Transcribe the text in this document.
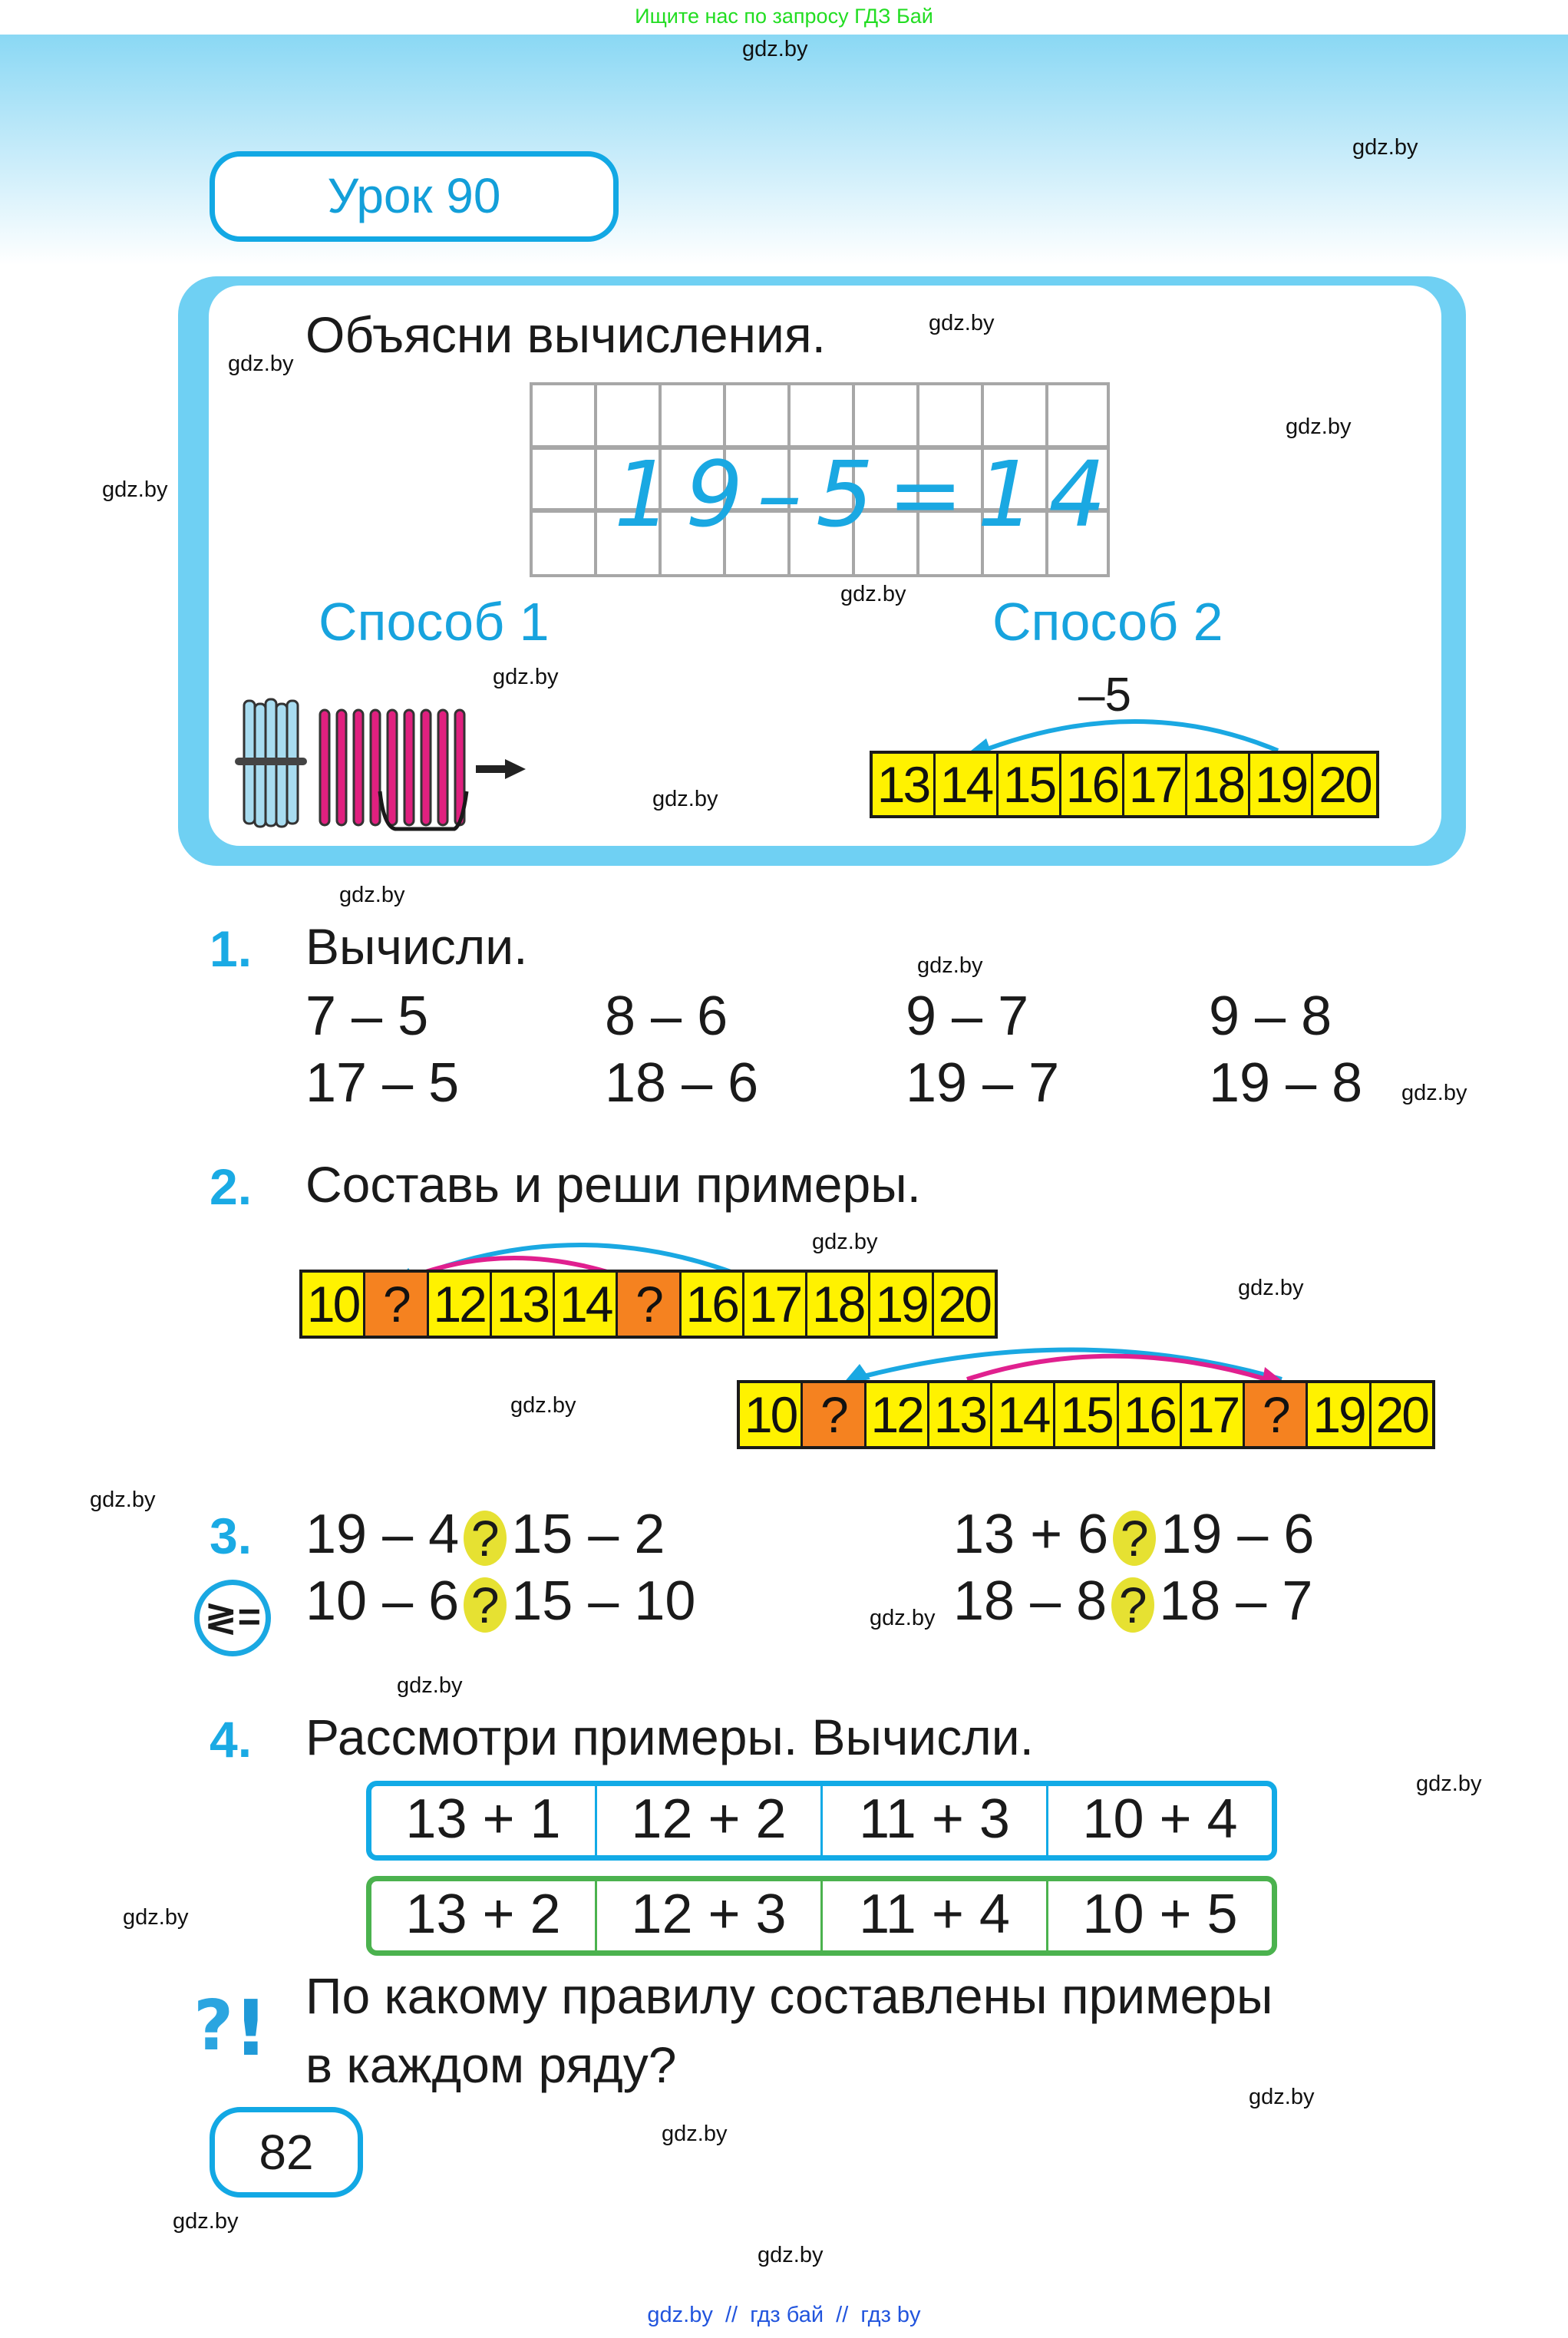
Ищите нас по запросу ГДЗ Бай
Урок 90
Объясни вычисления.
19–5=14
Способ 1	Способ 2
–5
13 14 15 16 17 18 19 20
1. Вычисли.
7 – 5	8 – 6	9 – 7	9 – 8
17 – 5	18 – 6	19 – 7	19 – 8
2. Составь и реши примеры.
10 ? 12 13 14 ? 16 17 18 19 20
10 ? 12 13 14 15 16 17 ? 19 20
3.
≷=
19 – 4 ? 15 – 2
10 – 6 ? 15 – 10
13 + 6 ? 19 – 6
18 – 8 ? 18 – 7
4. Рассмотри примеры. Вычисли.
13 + 1	12 + 2	11 + 3	10 + 4
13 + 2	12 + 3	11 + 4	10 + 5
? ! По какому правилу составлены примеры
в каждом ряду?
82
gdz.by
gdz.by
gdz.by
gdz.by
gdz.by
gdz.by
gdz.by
gdz.by
gdz.by
gdz.by
gdz.by
gdz.by
gdz.by
gdz.by
gdz.by
gdz.by
gdz.by
gdz.by
gdz.by
gdz.by
gdz.by
gdz.by
gdz.by
gdz.by
gdz.by  //  гдз бай  //  гдз by
